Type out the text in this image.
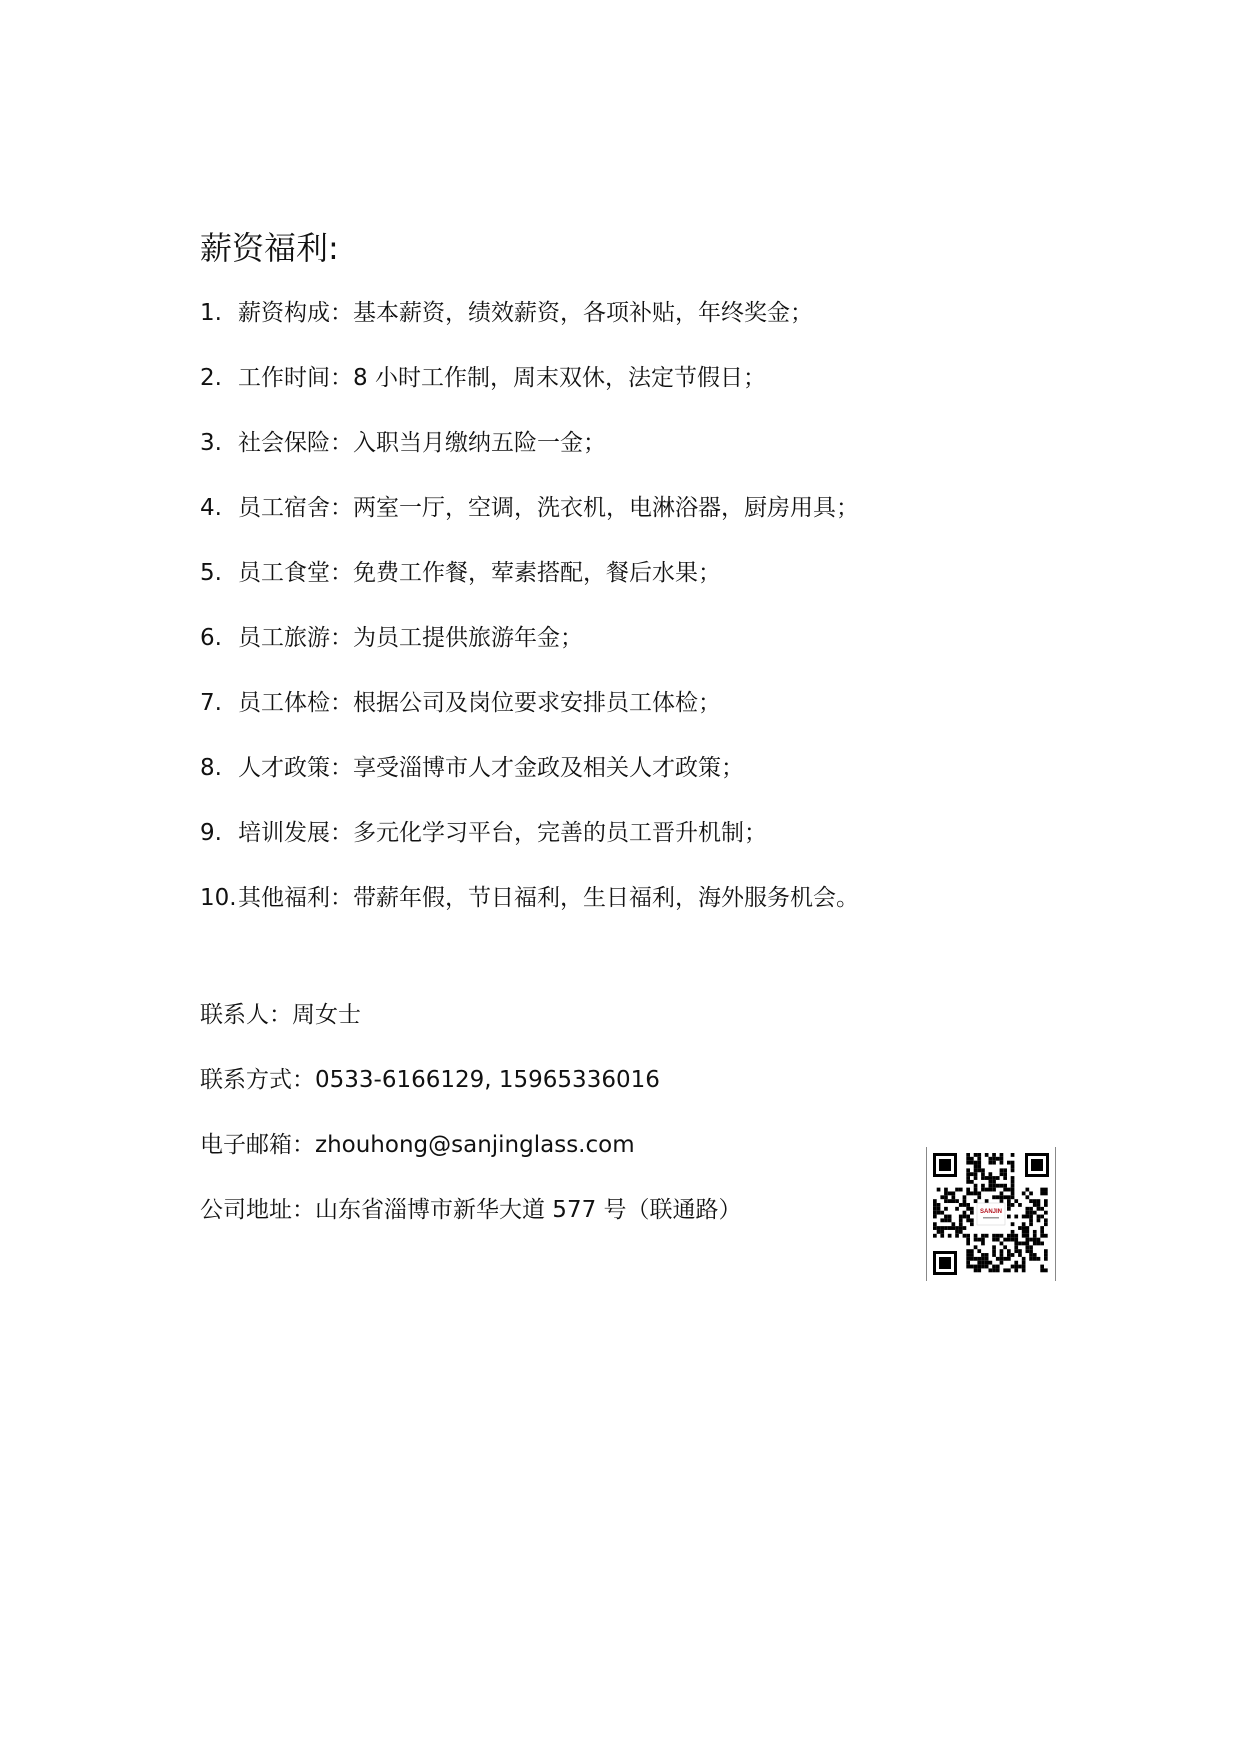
薪资福利:
1. 薪资构成：基本薪资，绩效薪资，各项补贴，年终奖金；
2. 工作时间：8 小时工作制，周末双休，法定节假日；
3. 社会保险：入职当月缴纳五险一金；
4. 员工宿舍：两室一厅，空调，洗衣机，电淋浴器，厨房用具；
5. 员工食堂：免费工作餐，荤素搭配，餐后水果；
6. 员工旅游：为员工提供旅游年金；
7. 员工体检：根据公司及岗位要求安排员工体检；
8. 人才政策：享受淄博市人才金政及相关人才政策；
9. 培训发展：多元化学习平台，完善的员工晋升机制；
10. 其他福利：带薪年假，节日福利，生日福利，海外服务机会。
联系人：周女士
联系方式：0533-6166129, 15965336016
电子邮箱：zhouhong@sanjinglass.com
公司地址：山东省淄博市新华大道 577 号（联通路）	SANJIN
